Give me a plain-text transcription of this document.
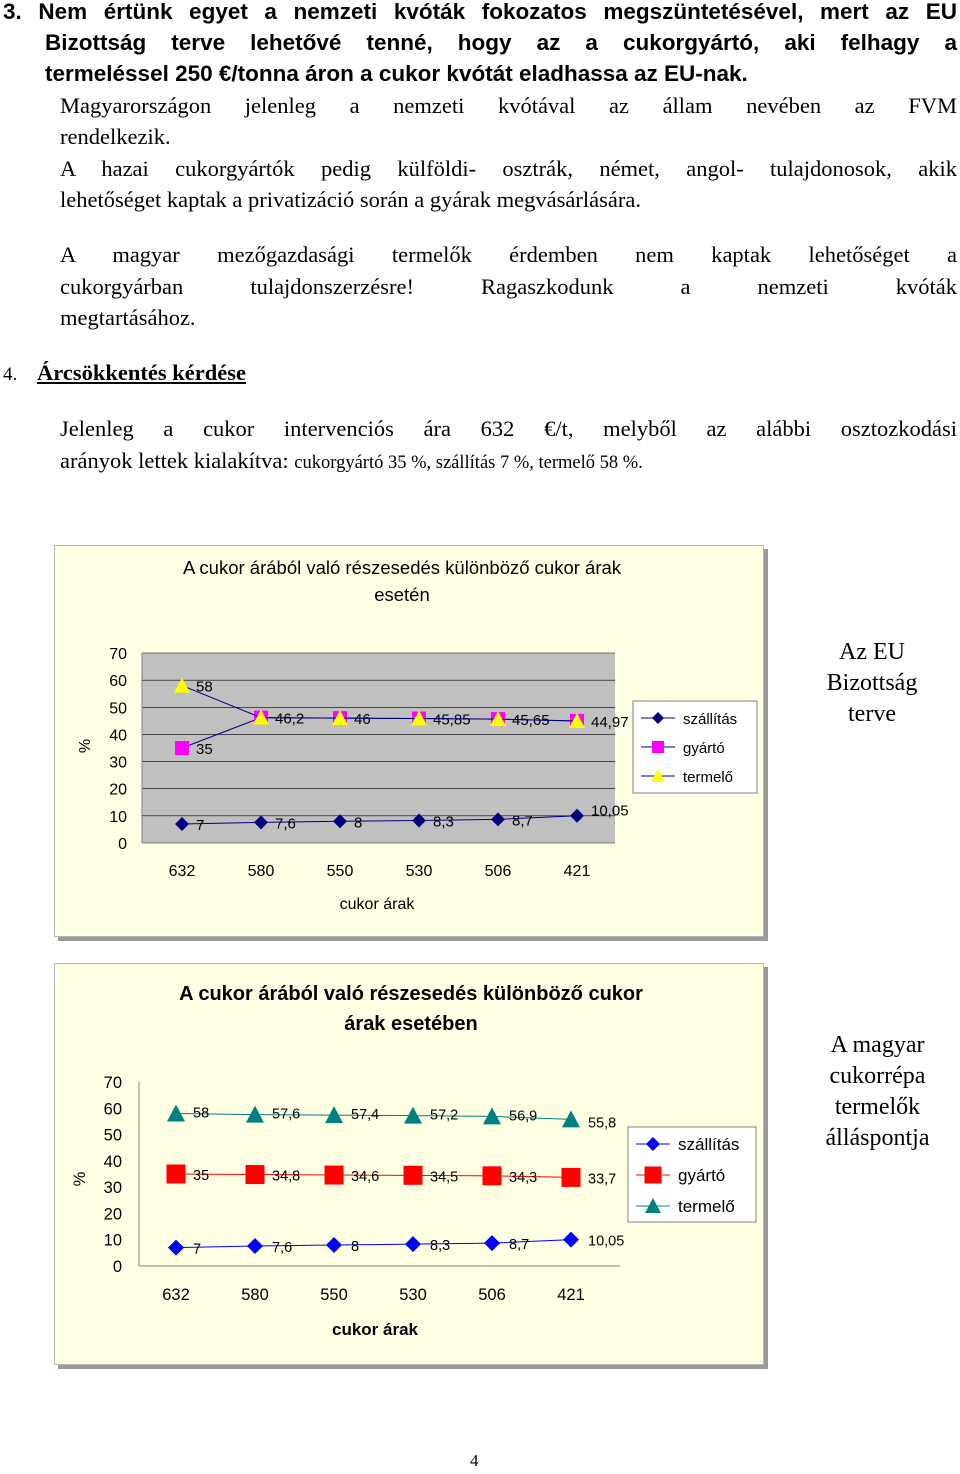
3. Nem értünk egyet a nemzeti kvóták fokozatos megszüntetésével, mert az EU
Bizottság terve lehetővé tenné, hogy az a cukorgyártó, aki felhagy a
termeléssel 250 €/tonna áron a cukor kvótát eladhassa az EU-nak.
Magyarországon jelenleg a nemzeti kvótával az állam nevében az FVM
rendelkezik.
A hazai cukorgyártók pedig külföldi- osztrák, német, angol- tulajdonosok, akik
lehetőséget kaptak a privatizáció során a gyárak megvásárlására.
A magyar mezőgazdasági termelők érdemben nem kaptak lehetőséget a
cukorgyárban tulajdonszerzésre! Ragaszkodunk a nemzeti kvóták
megtartásához.
4. Árcsökkentés kérdése
Jelenleg a cukor intervenciós ára 632 €/t, melyből az alábbi osztozkodási
arányok lettek kialakítva: cukorgyártó 35 %, szállítás 7 %, termelő 58 %.
A cukor árából való részesedés különböző cukor árak
esetén
70
60
50
40
30
20
10
0
%
632	580	550	530	506	421
cukor árak
7	7,6	8	8,3	8,7
10,05
35
46,2	46	45,85	45,65	44,97
58
szállítás
gyártó
termelő
Az EU
Bizottság
terve
A cukor árából való részesedés különböző cukor
árak esetében
70
60
50
40
30
20
10
0
%
632	580	550	530	506	421
cukor árak
7	7,6	8	8,3	8,7	10,05
35	34,8	34,6	34,5	34,3	33,7
58	57,6	57,4	57,2	56,9	55,8
szállítás
gyártó
termelő
A magyar
cukorrépa
termelők
álláspontja
4
